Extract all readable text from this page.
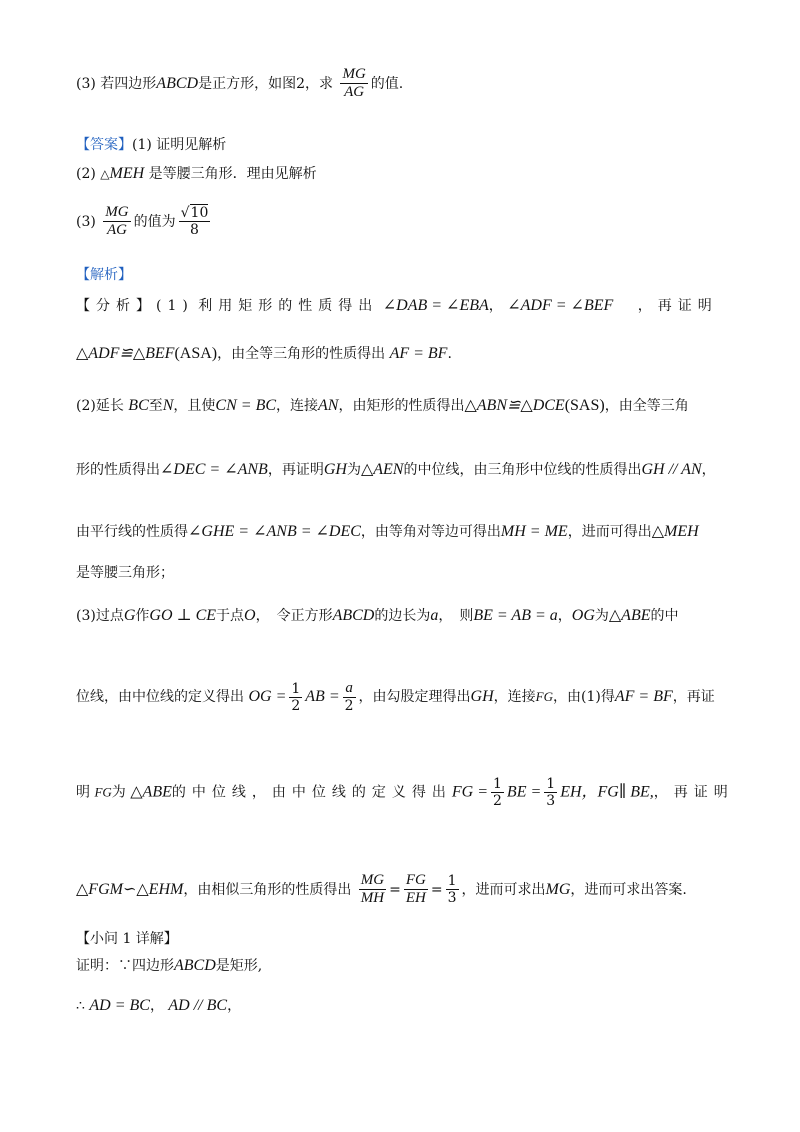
(3) 若四边形ABCD是正方形，如图2，求 $\frac{MG}{AG}$ 的值.
【答案】(1) 证明见解析
(2) △MEH 是等腰三角形．理由见解析
$(3) \frac{MG}{AG}$ 的值为 $\frac{√10}{8}$
【解析】
【分析】(1) 利用矩形的性质得出 ∠DAB = ∠EBA， ∠ADF = ∠BEF ，再证明
△ADF≌△BEF(ASA)，由全等三角形的性质得出 AF = BF.
(2)延长 BC至N，且使CN = BC，连接AN，由矩形的性质得出△ABN≌△DCE(SAS)，由全等三角
形的性质得出∠DEC = ∠ANB，再证明GH为△AEN的中位线，由三角形中位线的性质得出GH // AN，
由平行线的性质得∠GHE = ∠ANB = ∠DEC，由等角对等边可得出MH = ME，进而可得出△MEH
是等腰三角形；
(3)过点G作GO ⊥ CE于点O，　令正方形ABCD的边长为a，　则BE = AB = a，OG为△ABE的中
位线，由中位线的定义得出 OG = $\frac{1}{2}$ AB = $\frac{a}{2}$ ，由勾股定理得出GH，连接FG，由(1)得AF = BF，再证
明 FG为 △ABE的中位线，由中位线的定义得出FG = $\frac{1}{2}$ BE = $\frac{1}{3}$ EH，FG∥ BE,，再证明
△FGM∽△EHM，由相似三角形的性质得出 $\frac{MG}{MH} = \frac{FG}{EH} = \frac{1}{3}$ ，进而可求出MG，进而可求出答案.
【小问 1 详解】
证明：∵四边形ABCD是矩形,
∴ AD = BC， AD // BC，
